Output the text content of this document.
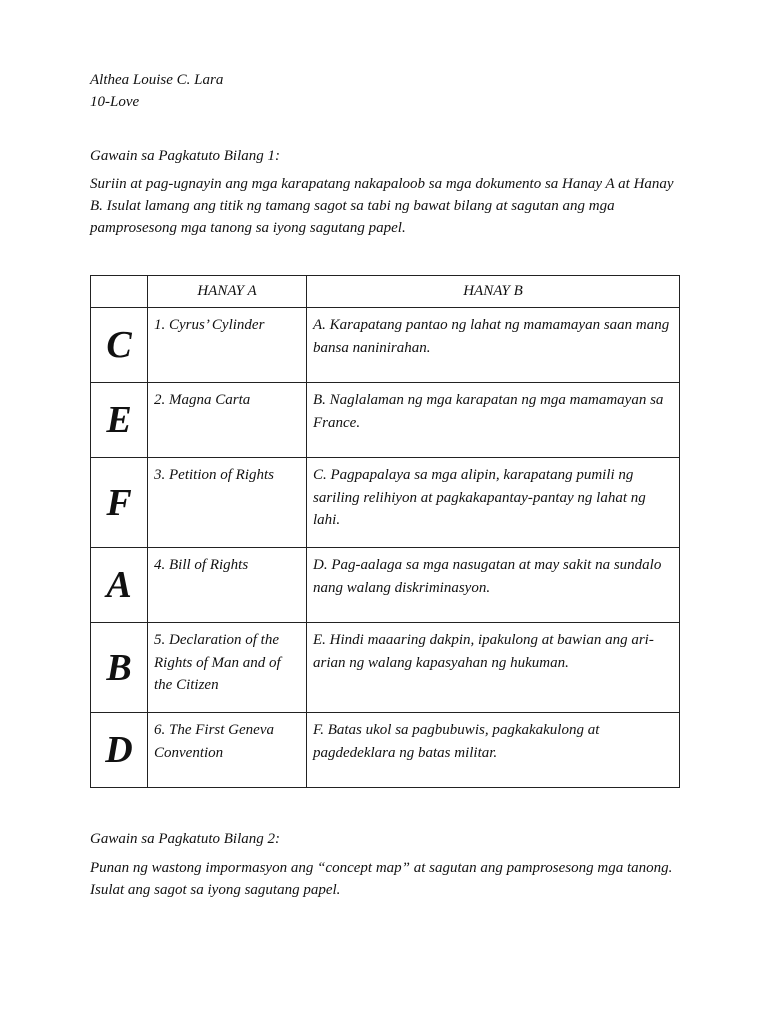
Althea Louise C. Lara
10-Love
Gawain sa Pagkatuto Bilang 1:
Suriin at pag-ugnayin ang mga karapatang nakapaloob sa mga dokumento sa Hanay A at Hanay B. Isulat lamang ang titik ng tamang sagot sa tabi ng bawat bilang at sagutan ang mga pamprosesong mga tanong sa iyong sagutang papel.
	HANAY A	HANAY B
C	1. Cyrus’ Cylinder	A. Karapatang pantao ng lahat ng mamamayan saan mang bansa naninirahan.
E	2. Magna Carta	B. Naglalaman ng mga karapatan ng mga mamamayan sa France.
F	3. Petition of Rights	C. Pagpapalaya sa mga alipin, karapatang pumili ng sariling relihiyon at pagkakapantay-pantay ng lahat ng lahi.
A	4. Bill of Rights	D. Pag-aalaga sa mga nasugatan at may sakit na sundalo nang walang diskriminasyon.
B	5. Declaration of the Rights of Man and of the Citizen	E. Hindi maaaring dakpin, ipakulong at bawian ang ari-arian ng walang kapasyahan ng hukuman.
D	6. The First Geneva Convention	F. Batas ukol sa pagbubuwis, pagkakakulong at pagdedeklara ng batas militar.
Gawain sa Pagkatuto Bilang 2:
Punan ng wastong impormasyon ang “concept map” at sagutan ang pamprosesong mga tanong. Isulat ang sagot sa iyong sagutang papel.
